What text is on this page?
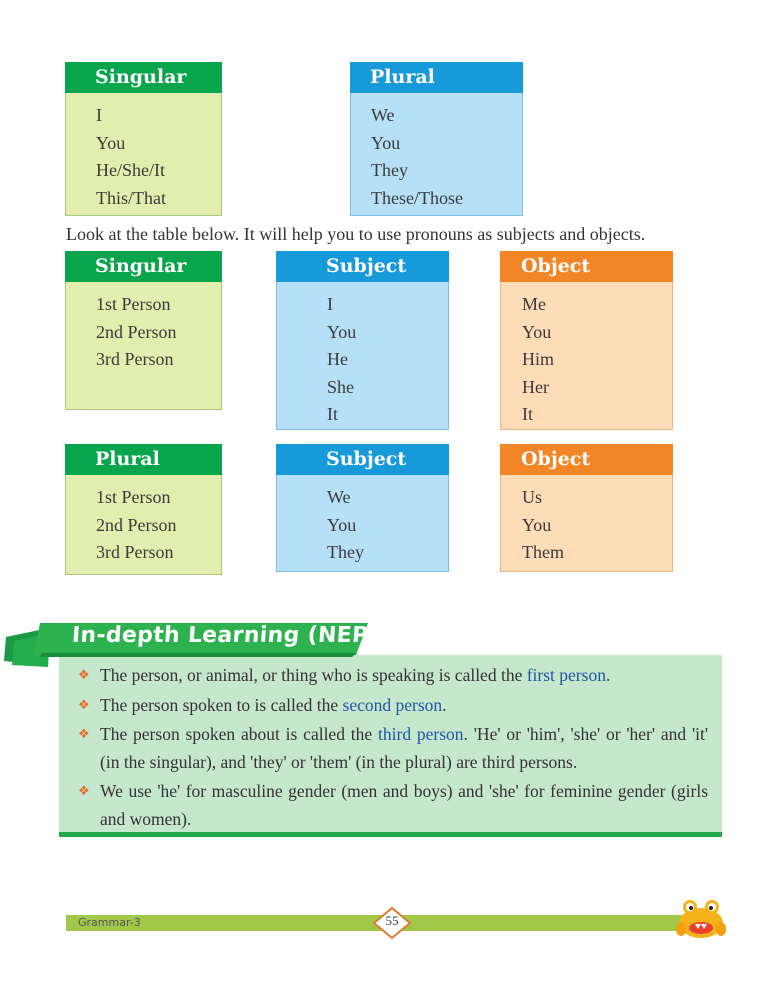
Singular
I
You
He/She/It
This/That
Plural
We
You
They
These/Those
Look at the table below. It will help you to use pronouns as subjects and objects.
Singular
1st Person
2nd Person
3rd Person
Subject
I
You
He
She
It
Object
Me
You
Him
Her
It
Plural
1st Person
2nd Person
3rd Person
Subject
We
You
They
Object
Us
You
Them
In-depth Learning (NEP 2020)
❖ The person, or animal, or thing who is speaking is called the first person.
❖ The person spoken to is called the second person.
❖ The person spoken about is called the third person. 'He' or 'him', 'she' or 'her' and 'it' (in the singular), and 'they' or 'them' (in the plural) are third persons.
❖ We use 'he' for masculine gender (men and boys) and 'she' for feminine gender (girls and women).
Grammar-3	55
